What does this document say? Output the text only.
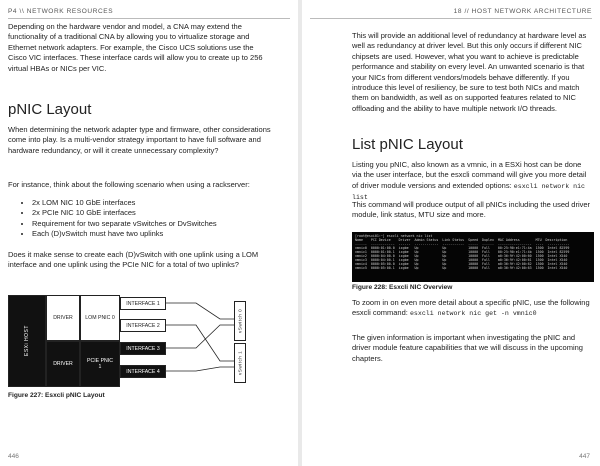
P4 \\ NETWORK RESOURCES
Depending on the hardware vendor and model, a CNA may extend the functionality of a traditional CNA by allowing you to virtualize storage and Ethernet network adapters. For example, the Cisco UCS solutions use the Cisco VIC interfaces. These interface cards will allow you to create up to 256 virtual HBAs or NICs per VIC.
pNIC Layout
When determining the network adapter type and firmware, other considerations come into play. Is a multi-vendor strategy important to have full software and hardware redundancy, or will it create unnecessary complexity?
For instance, think about the following scenario when using a rackserver:
• 2x LOM NIC 10 GbE interfaces
• 2x PCIe NIC 10 GbE interfaces
• Requirement for two separate vSwitches or DvSwitches
• Each (D)vSwitch must have two uplinks
Does it make sense to create each (D)vSwitch with one uplink using a LOM interface and one uplink using the PCIe NIC for a total of two uplinks?
ESXi HOST
DRIVER
DRIVER
LOM PNIC 0
PCIE PNIC 1
INTERFACE 1
INTERFACE 2
INTERFACE 3
INTERFACE 4
vSwitch 0
vSwitch 1
Figure 227: Esxcli pNIC Layout
446
18 // HOST NETWORK ARCHITECTURE
447
This will provide an additional level of redundancy at hardware level as well as redundancy at driver level. But this only occurs if different NIC chipsets are used. However, what you want to achieve is predictable performance and stability on every level. An unwanted scenario is that your NICs from different vendors/models behave differently. If you introduce this level of resiliency, be sure to test both NICs and match them on bandwidth, as well as on supported features related to NIC offloading and the ability to have multiple network I/O threads.
List pNIC Layout
Listing you pNIC, also known as a vmnic, in a ESXi host can be done via the user interface, but the esxcli command will give you more detail of driver module versions and extended options: esxcli network nic list
This command will produce output of all pNICs including the used driver module, link status, MTU size and more.
[root@esxi01:~] esxcli network nic list
Name    PCI Device    Driver  Admin Status  Link Status  Speed  Duplex  MAC Address        MTU  Description
------  ------------  ------  ------------  -----------  -----  ------  -----------------  ----  -----------
vmnic0  0000:01:00.0  ixgbe   Up            Up           10000  Full    00:25:90:e1:71:4a  1500  Intel 82599
vmnic1  0000:01:00.1  ixgbe   Up            Up           10000  Full    00:25:90:e1:71:4b  1500  Intel 82599
vmnic2  0000:04:00.0  ixgbe   Up            Up           10000  Full    a0:36:9f:42:00:60  1500  Intel X540
vmnic3  0000:04:00.1  ixgbe   Up            Up           10000  Full    a0:36:9f:42:00:61  1500  Intel X540
vmnic4  0000:05:00.0  ixgbe   Up            Up           10000  Full    a0:36:9f:42:00:62  1500  Intel X540
vmnic5  0000:05:00.1  ixgbe   Up            Up           10000  Full    a0:36:9f:42:00:63  1500  Intel X540
Figure 228: Esxcli NIC Overview
To zoom in on even more detail about a specific pNIC, use the following esxcli command: esxcli network nic get -n vmnic0
The given information is important when investigating the pNIC and driver module feature capabilities that we will discuss in the upcoming chapters.
